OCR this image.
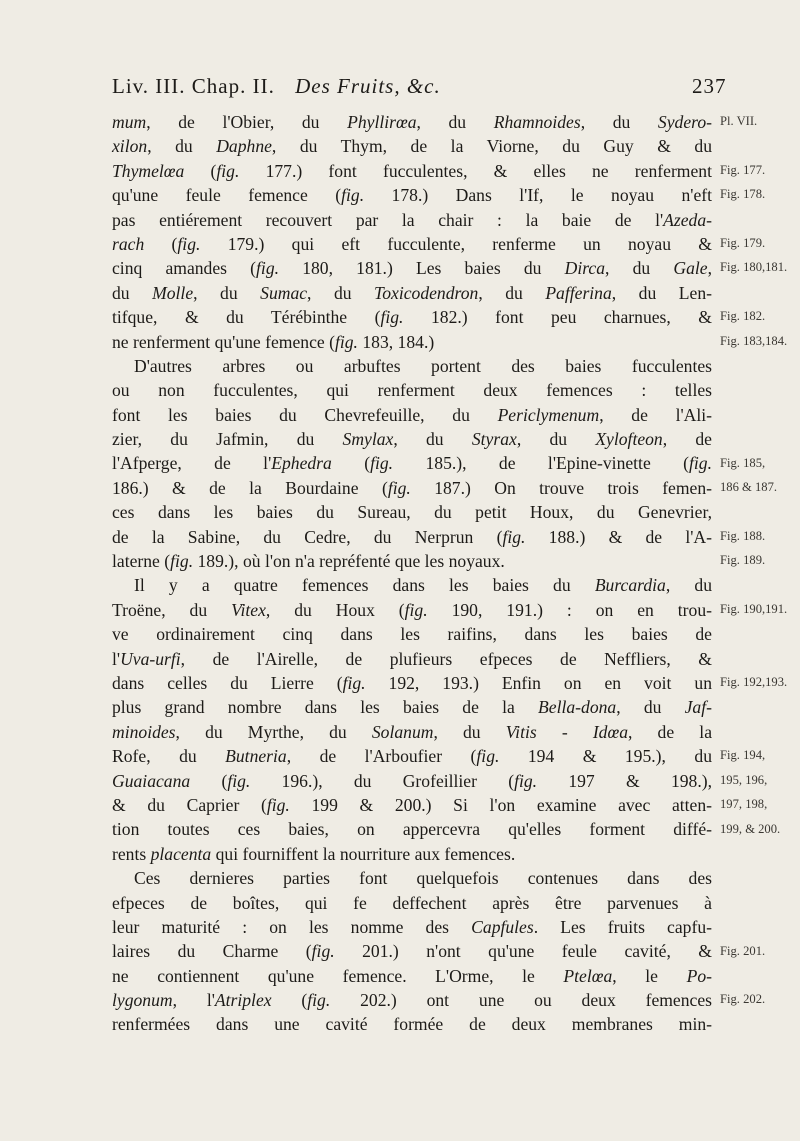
Liv. III. Chap. II. Des Fruits, &c.	237
mum, de l'Obier, du Phyllirœa, du Rhamnoides, du Sydero-
xilon, du Daphne, du Thym, de la Viorne, du Guy & du
Thymelœa (fig. 177.) font fucculentes, & elles ne renferment
qu'une feule femence (fig. 178.) Dans l'If, le noyau n'eft
pas entiérement recouvert par la chair : la baie de l'Azeda-
rach (fig. 179.) qui eft fucculente, renferme un noyau &
cinq amandes (fig. 180, 181.) Les baies du Dirca, du Gale,
du Molle, du Sumac, du Toxicodendron, du Pafferina, du Len-
tifque, & du Térébinthe (fig. 182.) font peu charnues, &
ne renferment qu'une femence (fig. 183, 184.)
D'autres arbres ou arbuftes portent des baies fucculentes
ou non fucculentes, qui renferment deux femences : telles
font les baies du Chevrefeuille, du Periclymenum, de l'Ali-
zier, du Jafmin, du Smylax, du Styrax, du Xylofteon, de
l'Afperge, de l'Ephedra (fig. 185.), de l'Epine-vinette (fig.
186.) & de la Bourdaine (fig. 187.) On trouve trois femen-
ces dans les baies du Sureau, du petit Houx, du Genevrier,
de la Sabine, du Cedre, du Nerprun (fig. 188.) & de l'A-
laterne (fig. 189.), où l'on n'a repréfenté que les noyaux.
Il y a quatre femences dans les baies du Burcardia, du
Troëne, du Vitex, du Houx (fig. 190, 191.) : on en trou-
ve ordinairement cinq dans les raifins, dans les baies de
l'Uva-urfi, de l'Airelle, de plufieurs efpeces de Neffliers, &
dans celles du Lierre (fig. 192, 193.) Enfin on en voit un
plus grand nombre dans les baies de la Bella-dona, du Jaf-
minoides, du Myrthe, du Solanum, du Vitis - Idœa, de la
Rofe, du Butneria, de l'Arboufier (fig. 194 & 195.), du
Guaiacana (fig. 196.), du Grofeillier (fig. 197 & 198.),
& du Caprier (fig. 199 & 200.) Si l'on examine avec atten-
tion toutes ces baies, on appercevra qu'elles forment diffé-
rents placenta qui fourniffent la nourriture aux femences.
Ces dernieres parties font quelquefois contenues dans des
efpeces de boîtes, qui fe deffechent après être parvenues à
leur maturité : on les nomme des Capfules. Les fruits capfu-
laires du Charme (fig. 201.) n'ont qu'une feule cavité, &
ne contiennent qu'une femence. L'Orme, le Ptelœa, le Po-
lygonum, l'Atriplex (fig. 202.) ont une ou deux femences
renfermées dans une cavité formée de deux membranes min-
Pl. VII.
Fig. 177.
Fig. 178.
Fig. 179.
Fig. 180,181.
Fig. 182.
Fig. 183,184.
Fig. 185,
186 & 187.
Fig. 188.
Fig. 189.
Fig. 190,191.
Fig. 192,193.
Fig. 194,
195, 196,
197, 198,
199, & 200.
Fig. 201.
Fig. 202.
